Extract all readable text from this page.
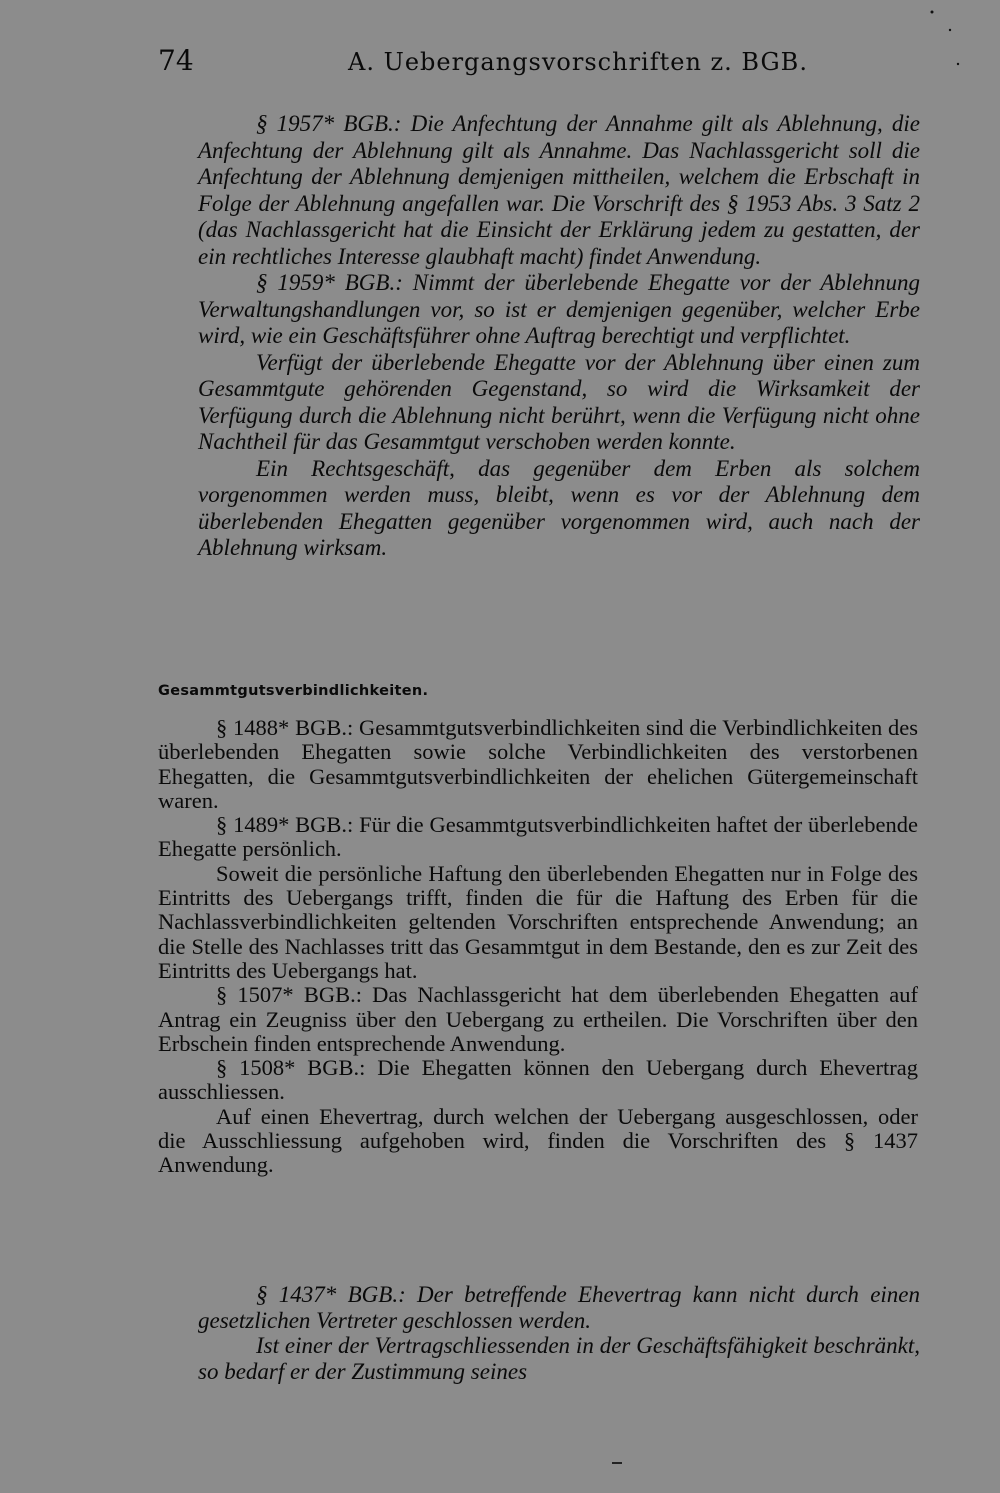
74	A. Uebergangsvorschriften z. BGB.

§ 1957* BGB.: Die Anfechtung der Annahme gilt als Ablehnung, die Anfechtung der Ablehnung gilt als Annahme. Das Nachlassgericht soll die Anfechtung der Ablehnung demjenigen mittheilen, welchem die Erbschaft in Folge der Ablehnung angefallen war. Die Vorschrift des § 1953 Abs. 3 Satz 2 (das Nachlassgericht hat die Einsicht der Erklärung jedem zu gestatten, der ein rechtliches Interesse glaubhaft macht) findet Anwendung.

§ 1959* BGB.: Nimmt der überlebende Ehegatte vor der Ablehnung Verwaltungshandlungen vor, so ist er demjenigen gegenüber, welcher Erbe wird, wie ein Geschäftsführer ohne Auftrag berechtigt und verpflichtet.

Verfügt der überlebende Ehegatte vor der Ablehnung über einen zum Gesammtgute gehörenden Gegenstand, so wird die Wirksamkeit der Verfügung durch die Ablehnung nicht berührt, wenn die Verfügung nicht ohne Nachtheil für das Gesammtgut verschoben werden konnte.

Ein Rechtsgeschäft, das gegenüber dem Erben als solchem vorgenommen werden muss, bleibt, wenn es vor der Ablehnung dem überlebenden Ehegatten gegenüber vorgenommen wird, auch nach der Ablehnung wirksam.

Gesammtgutsverbindlichkeiten.

§ 1488* BGB.: Gesammtgutsverbindlichkeiten sind die Verbindlichkeiten des überlebenden Ehegatten sowie solche Verbindlichkeiten des verstorbenen Ehegatten, die Gesammtgutsverbindlichkeiten der ehelichen Gütergemeinschaft waren.

§ 1489* BGB.: Für die Gesammtgutsverbindlichkeiten haftet der überlebende Ehegatte persönlich.

Soweit die persönliche Haftung den überlebenden Ehegatten nur in Folge des Eintritts des Uebergangs trifft, finden die für die Haftung des Erben für die Nachlassverbindlichkeiten geltenden Vorschriften entsprechende Anwendung; an die Stelle des Nachlasses tritt das Gesammtgut in dem Bestande, den es zur Zeit des Eintritts des Uebergangs hat.

§ 1507* BGB.: Das Nachlassgericht hat dem überlebenden Ehegatten auf Antrag ein Zeugniss über den Uebergang zu ertheilen. Die Vorschriften über den Erbschein finden entsprechende Anwendung.

§ 1508* BGB.: Die Ehegatten können den Uebergang durch Ehevertrag ausschliessen.

Auf einen Ehevertrag, durch welchen der Uebergang ausgeschlossen, oder die Ausschliessung aufgehoben wird, finden die Vorschriften des § 1437 Anwendung.

§ 1437* BGB.: Der betreffende Ehevertrag kann nicht durch einen gesetzlichen Vertreter geschlossen werden.

Ist einer der Vertragschliessenden in der Geschäftsfähigkeit beschränkt, so bedarf er der Zustimmung seines
